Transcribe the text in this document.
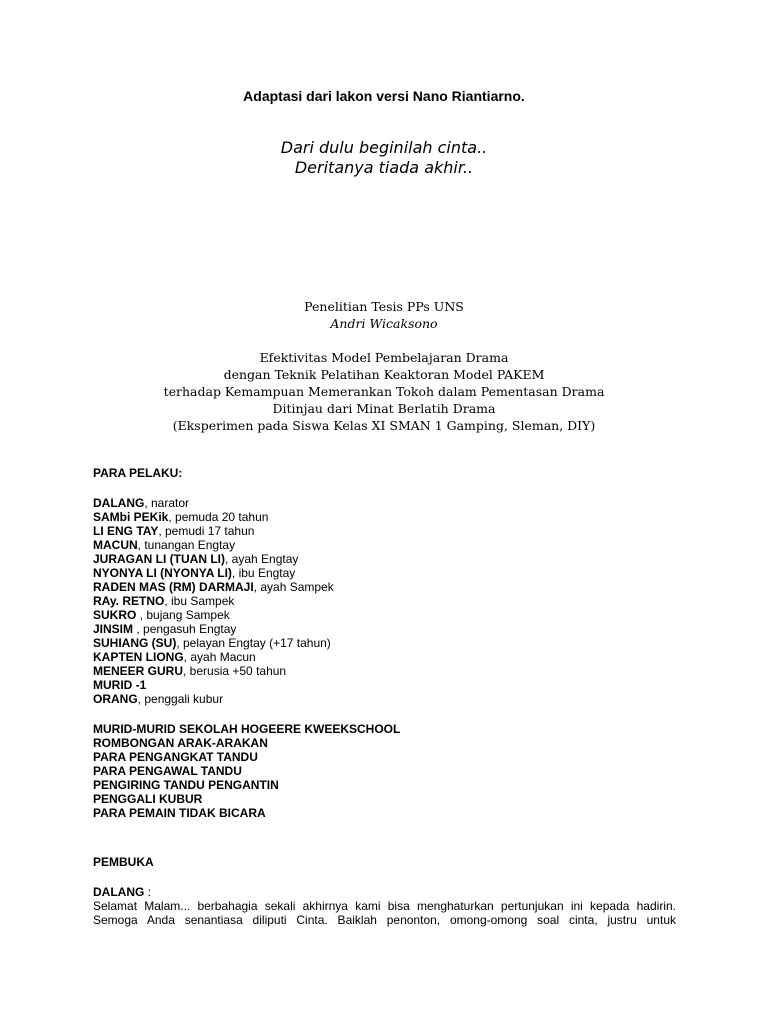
Adaptasi dari lakon versi Nano Riantiarno.
Dari dulu beginilah cinta..
Deritanya tiada akhir..
Penelitian Tesis PPs UNS
Andri Wicaksono
Efektivitas Model Pembelajaran Drama
dengan Teknik Pelatihan Keaktoran Model PAKEM
terhadap Kemampuan Memerankan Tokoh dalam Pementasan Drama
Ditinjau dari Minat Berlatih Drama
(Eksperimen pada Siswa Kelas XI SMAN 1 Gamping, Sleman, DIY)
PARA PELAKU:
DALANG, narator
SAMbi PEKik, pemuda 20 tahun
LI ENG TAY, pemudi 17 tahun
MACUN, tunangan Engtay
JURAGAN LI (TUAN LI), ayah Engtay
NYONYA LI (NYONYA LI), ibu Engtay
RADEN MAS (RM) DARMAJI, ayah Sampek
RAy. RETNO, ibu Sampek
SUKRO , bujang Sampek
JINSIM , pengasuh Engtay
SUHIANG (SU), pelayan Engtay (+17 tahun)
KAPTEN LIONG, ayah Macun
MENEER GURU, berusia +50 tahun
MURID -1
ORANG, penggali kubur
MURID-MURID SEKOLAH HOGEERE KWEEKSCHOOL
ROMBONGAN ARAK-ARAKAN
PARA PENGANGKAT TANDU
PARA PENGAWAL TANDU
PENGIRING TANDU PENGANTIN
PENGGALI KUBUR
PARA PEMAIN TIDAK BICARA
PEMBUKA
DALANG :
Selamat Malam... berbahagia sekali akhirnya kami bisa menghaturkan pertunjukan ini kepada hadirin.
Semoga Anda senantiasa diliputi Cinta. Baiklah penonton, omong-omong soal cinta, justru untuk
